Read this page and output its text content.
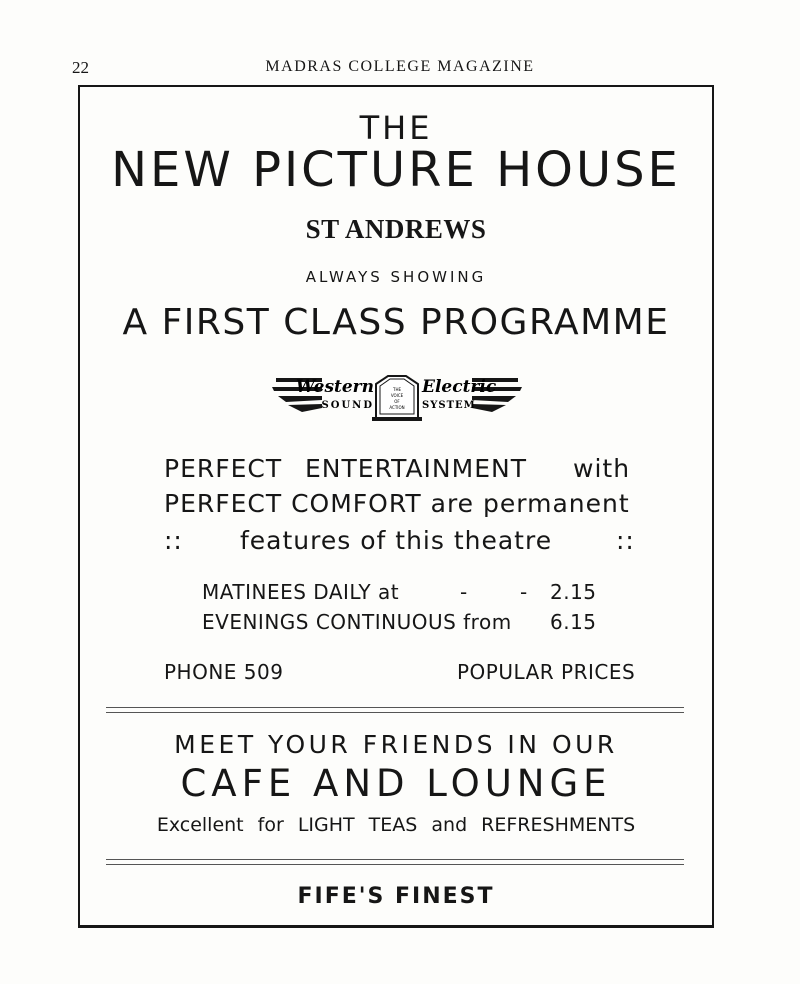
22	MADRAS COLLEGE MAGAZINE
THE
NEW PICTURE HOUSE
ST ANDREWS
ALWAYS SHOWING
A FIRST CLASS PROGRAMME
THE
VOICE
OF
ACTION
Western	Electric
SOUND	SYSTEM
PERFECT ENTERTAINMENT with
PERFECT COMFORT are permanent
:: features of this theatre	::
MATINEES DAILY at	-	- 2.15
EVENINGS CONTINUOUS from 6.15
PHONE 509	POPULAR PRICES
MEET YOUR FRIENDS IN OUR
CAFE AND LOUNGE
Excellent for LIGHT TEAS and REFRESHMENTS
FIFE'S FINEST
